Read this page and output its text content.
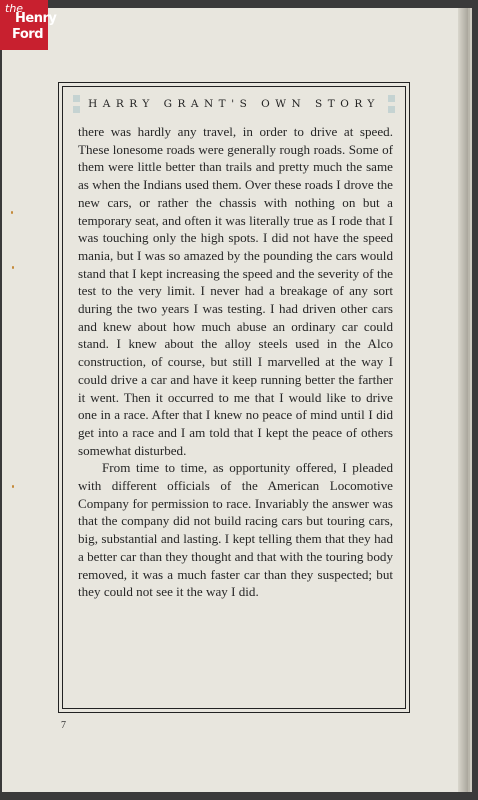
HARRY GRANT'S OWN STORY

there was hardly any travel, in order to drive at speed. These lonesome roads were generally rough roads. Some of them were little better than trails and pretty much the same as when the Indians used them. Over these roads I drove the new cars, or rather the chassis with nothing on but a temporary seat, and often it was literally true as I rode that I was touching only the high spots. I did not have the speed mania, but I was so amazed by the pounding the cars would stand that I kept increasing the speed and the severity of the test to the very limit. I never had a breakage of any sort during the two years I was testing. I had driven other cars and knew about how much abuse an ordinary car could stand. I knew about the alloy steels used in the Alco construction, of course, but still I marvelled at the way I could drive a car and have it keep running better the farther it went. Then it occurred to me that I would like to drive one in a race. After that I knew no peace of mind until I did get into a race and I am told that I kept the peace of others somewhat disturbed.

From time to time, as opportunity offered, I pleaded with different officials of the American Locomotive Company for permission to race. Invariably the answer was that the company did not build racing cars but touring cars, big, substantial and lasting. I kept telling them that they had a better car than they thought and that with the touring body removed, it was a much faster car than they suspected; but they could not see it the way I did.

7
the
Henry
Ford
